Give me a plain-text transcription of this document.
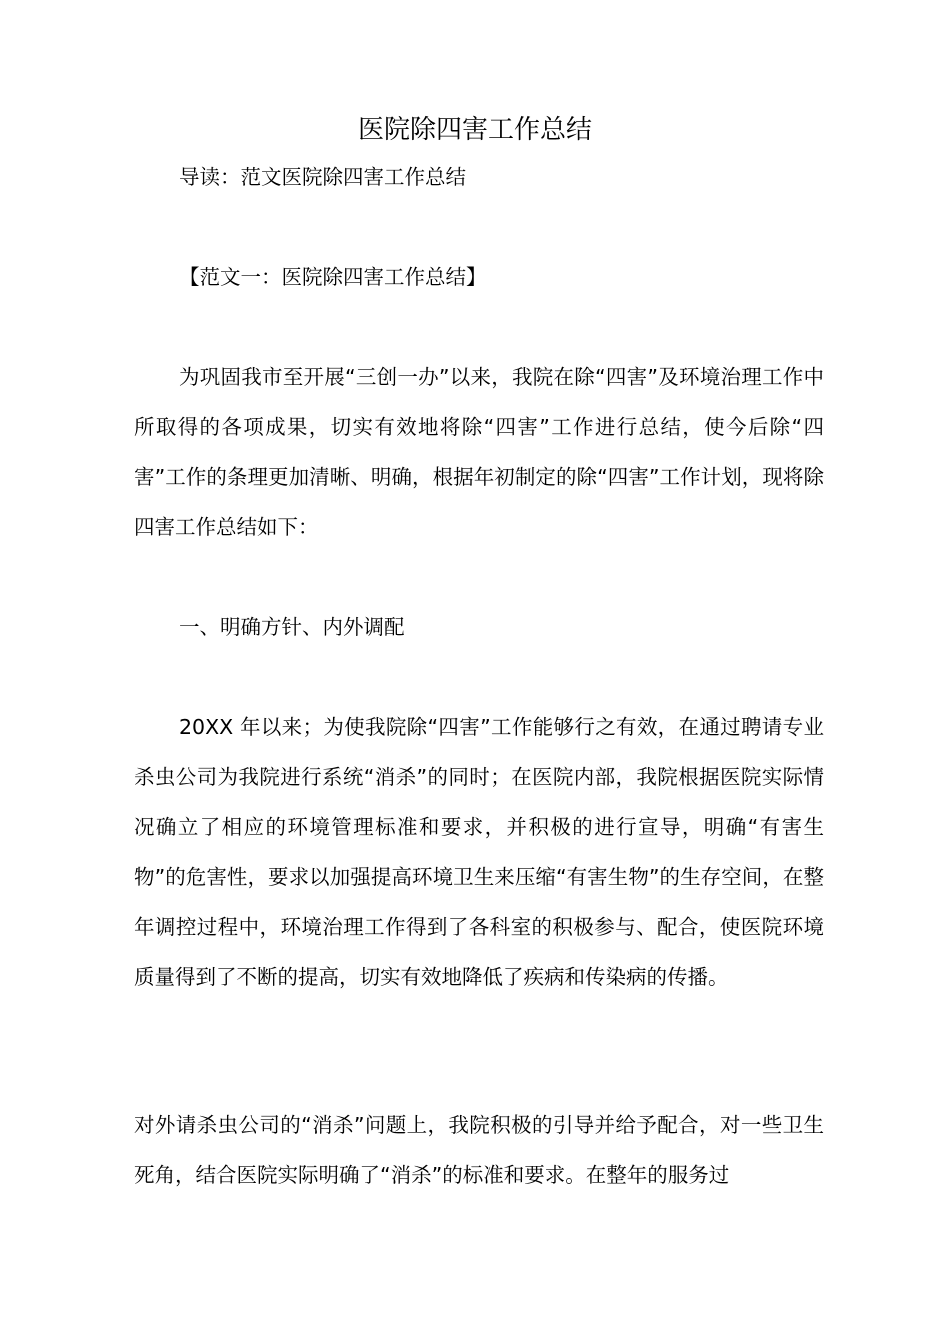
医院除四害工作总结

导读：范文医院除四害工作总结

【范文一：医院除四害工作总结】

为巩固我市至开展“三创一办”以来，我院在除“四害”及环境治理工作中所取得的各项成果，切实有效地将除“四害”工作进行总结，使今后除“四害”工作的条理更加清晰、明确，根据年初制定的除“四害”工作计划，现将除四害工作总结如下：

一、明确方针、内外调配

20XX 年以来；为使我院除“四害”工作能够行之有效，在通过聘请专业杀虫公司为我院进行系统“消杀”的同时；在医院内部，我院根据医院实际情况确立了相应的环境管理标准和要求，并积极的进行宣导，明确“有害生物”的危害性，要求以加强提高环境卫生来压缩“有害生物”的生存空间，在整年调控过程中，环境治理工作得到了各科室的积极参与、配合，使医院环境质量得到了不断的提高，切实有效地降低了疾病和传染病的传播。

对外请杀虫公司的“消杀”问题上，我院积极的引导并给予配合，对一些卫生死角，结合医院实际明确了“消杀”的标准和要求。在整年的服务过
